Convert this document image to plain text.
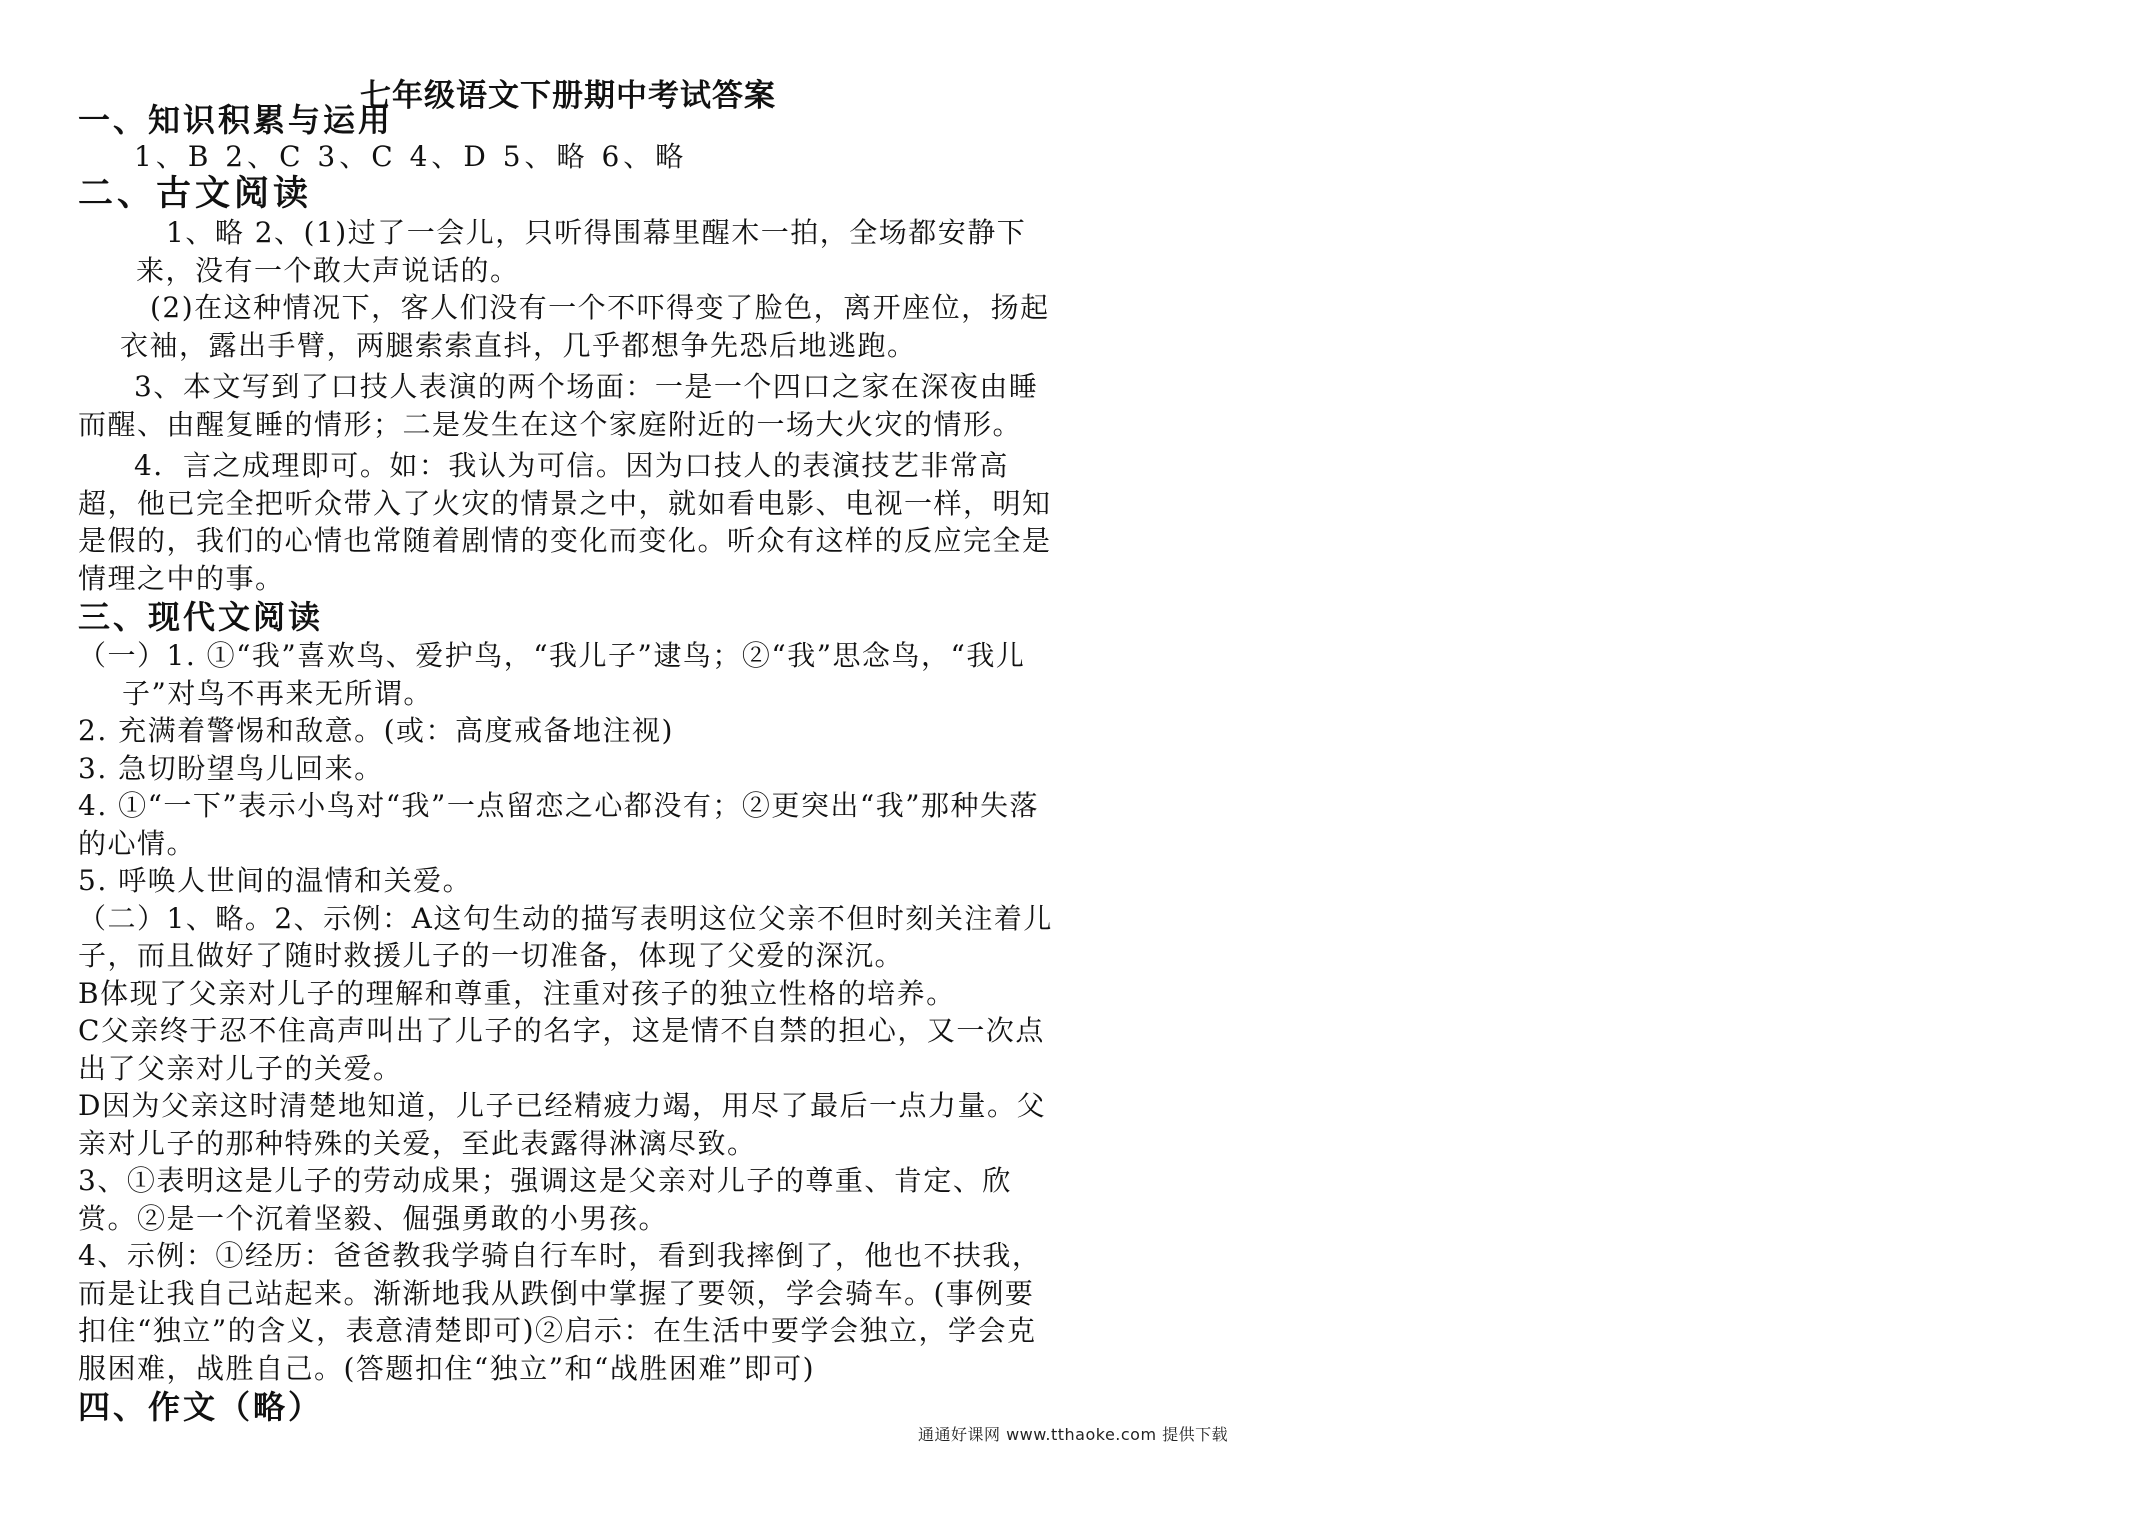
七年级语文下册期中考试答案
一、知识积累与运用
1、B 2、C 3、C 4、D 5、略 6、略
二、古文阅读
1、略 2、(1)过了一会儿，只听得围幕里醒木一拍，全场都安静下来，没有一个敢大声说话的。
(2)在这种情况下，客人们没有一个不吓得变了脸色，离开座位，扬起衣袖，露出手臂，两腿索索直抖，几乎都想争先恐后地逃跑。
3、本文写到了口技人表演的两个场面：一是一个四口之家在深夜由睡而醒、由醒复睡的情形；二是发生在这个家庭附近的一场大火灾的情形。
4．言之成理即可。如：我认为可信。因为口技人的表演技艺非常高超，他已完全把听众带入了火灾的情景之中，就如看电影、电视一样，明知是假的，我们的心情也常随着剧情的变化而变化。听众有这样的反应完全是情理之中的事。
三、现代文阅读
（一）1. ①“我”喜欢鸟、爱护鸟，“我儿子”逮鸟；②“我”思念鸟，“我儿子”对鸟不再来无所谓。
2. 充满着警惕和敌意。(或：高度戒备地注视)
3. 急切盼望鸟儿回来。
4. ①“一下”表示小鸟对“我”一点留恋之心都没有；②更突出“我”那种失落的心情。
5. 呼唤人世间的温情和关爱。
（二）1、略。2、示例：A这句生动的描写表明这位父亲不但时刻关注着儿子，而且做好了随时救援儿子的一切准备，体现了父爱的深沉。
B体现了父亲对儿子的理解和尊重，注重对孩子的独立性格的培养。
C父亲终于忍不住高声叫出了儿子的名字，这是情不自禁的担心，又一次点出了父亲对儿子的关爱。
D因为父亲这时清楚地知道，儿子已经精疲力竭，用尽了最后一点力量。父亲对儿子的那种特殊的关爱，至此表露得淋漓尽致。
3、①表明这是儿子的劳动成果；强调这是父亲对儿子的尊重、肯定、欣赏。②是一个沉着坚毅、倔强勇敢的小男孩。
4、示例：①经历：爸爸教我学骑自行车时，看到我摔倒了，他也不扶我，而是让我自己站起来。渐渐地我从跌倒中掌握了要领，学会骑车。(事例要扣住“独立”的含义，表意清楚即可)②启示：在生活中要学会独立，学会克服困难，战胜自己。(答题扣住“独立”和“战胜困难”即可)
四、作文（略）
通通好课网 www.tthaoke.com 提供下载
